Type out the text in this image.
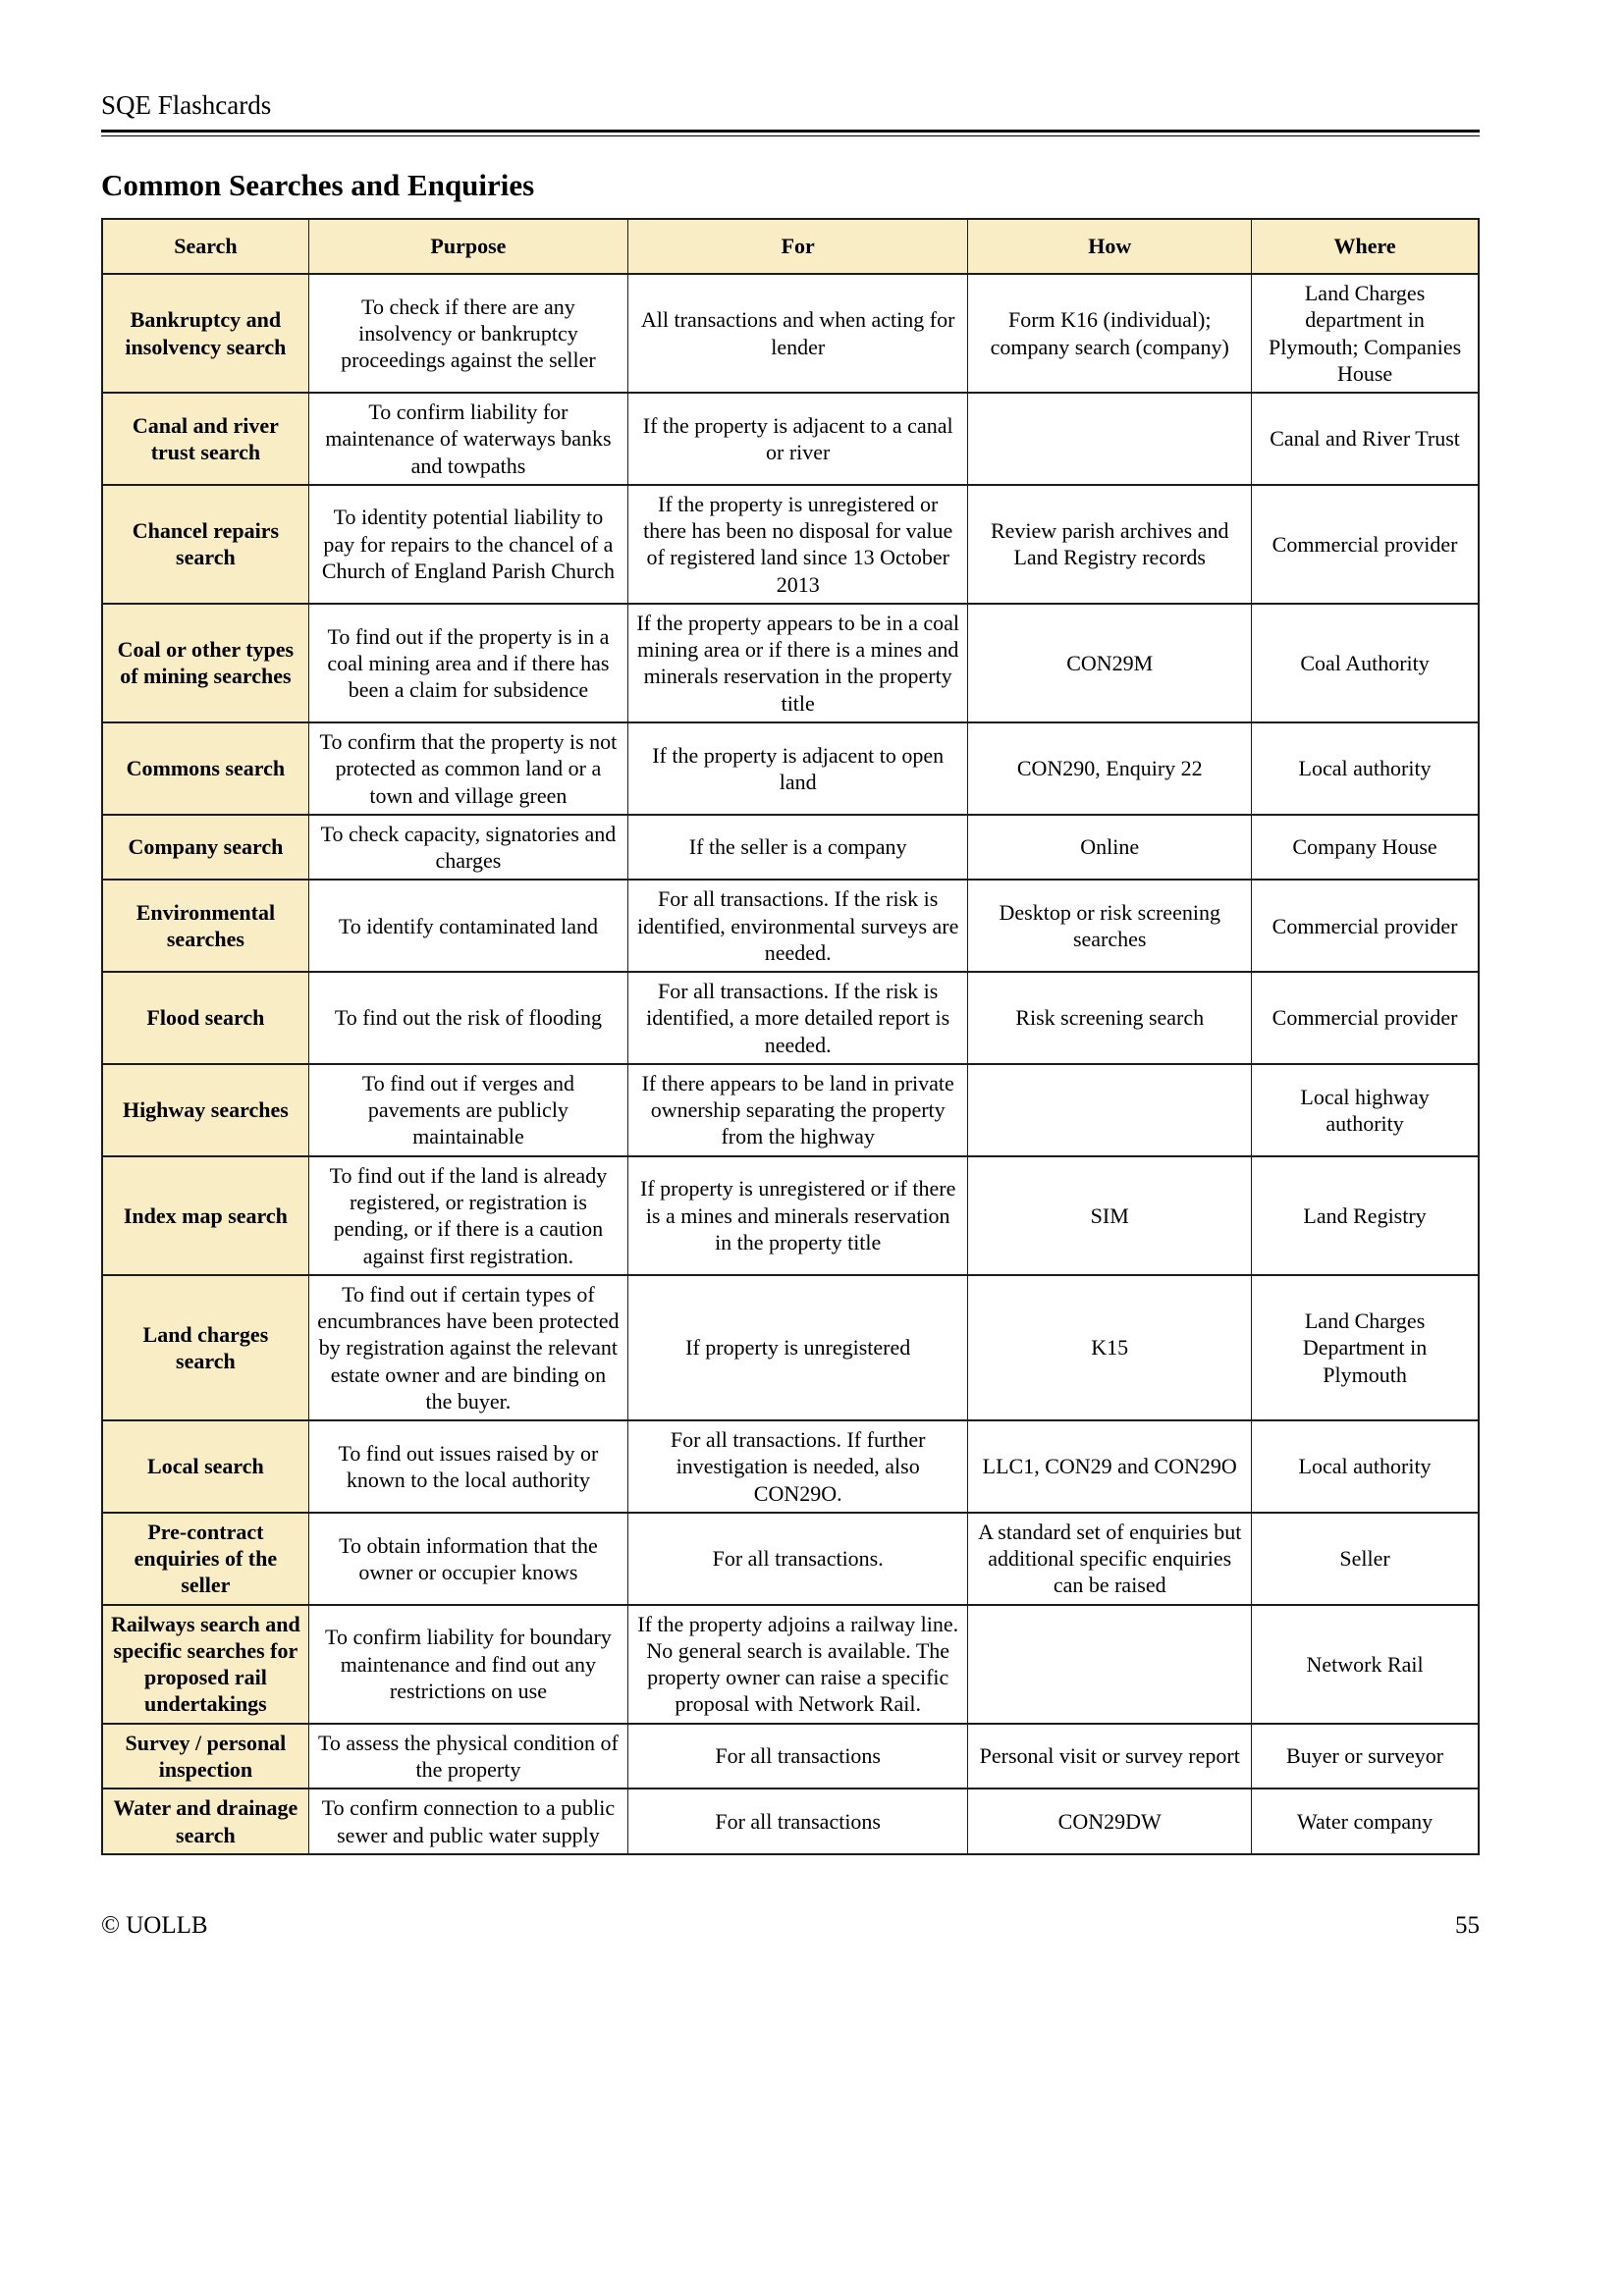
SQE Flashcards
Common Searches and Enquiries
Search	Purpose	For	How	Where
Bankruptcy and insolvency search	To check if there are any insolvency or bankruptcy proceedings against the seller	All transactions and when acting for lender	Form K16 (individual); company search (company)	Land Charges department in Plymouth; Companies House
Canal and river trust search	To confirm liability for maintenance of waterways banks and towpaths	If the property is adjacent to a canal or river		Canal and River Trust
Chancel repairs search	To identity potential liability to pay for repairs to the chancel of a Church of England Parish Church	If the property is unregistered or there has been no disposal for value of registered land since 13 October 2013	Review parish archives and Land Registry records	Commercial provider
Coal or other types of mining searches	To find out if the property is in a coal mining area and if there has been a claim for subsidence	If the property appears to be in a coal mining area or if there is a mines and minerals reservation in the property title	CON29M	Coal Authority
Commons search	To confirm that the property is not protected as common land or a town and village green	If the property is adjacent to open land	CON290, Enquiry 22	Local authority
Company search	To check capacity, signatories and charges	If the seller is a company	Online	Company House
Environmental searches	To identify contaminated land	For all transactions. If the risk is identified, environmental surveys are needed.	Desktop or risk screening searches	Commercial provider
Flood search	To find out the risk of flooding	For all transactions. If the risk is identified, a more detailed report is needed.	Risk screening search	Commercial provider
Highway searches	To find out if verges and pavements are publicly maintainable	If there appears to be land in private ownership separating the property from the highway		Local highway authority
Index map search	To find out if the land is already registered, or registration is pending, or if there is a caution against first registration.	If property is unregistered or if there is a mines and minerals reservation in the property title	SIM	Land Registry
Land charges search	To find out if certain types of encumbrances have been protected by registration against the relevant estate owner and are binding on the buyer.	If property is unregistered	K15	Land Charges Department in Plymouth
Local search	To find out issues raised by or known to the local authority	For all transactions. If further investigation is needed, also CON29O.	LLC1, CON29 and CON29O	Local authority
Pre-contract enquiries of the seller	To obtain information that the owner or occupier knows	For all transactions.	A standard set of enquiries but additional specific enquiries can be raised	Seller
Railways search and specific searches for proposed rail undertakings	To confirm liability for boundary maintenance and find out any restrictions on use	If the property adjoins a railway line. No general search is available. The property owner can raise a specific proposal with Network Rail.		Network Rail
Survey / personal inspection	To assess the physical condition of the property	For all transactions	Personal visit or survey report	Buyer or surveyor
Water and drainage search	To confirm connection to a public sewer and public water supply	For all transactions	CON29DW	Water company
© UOLLB	55
